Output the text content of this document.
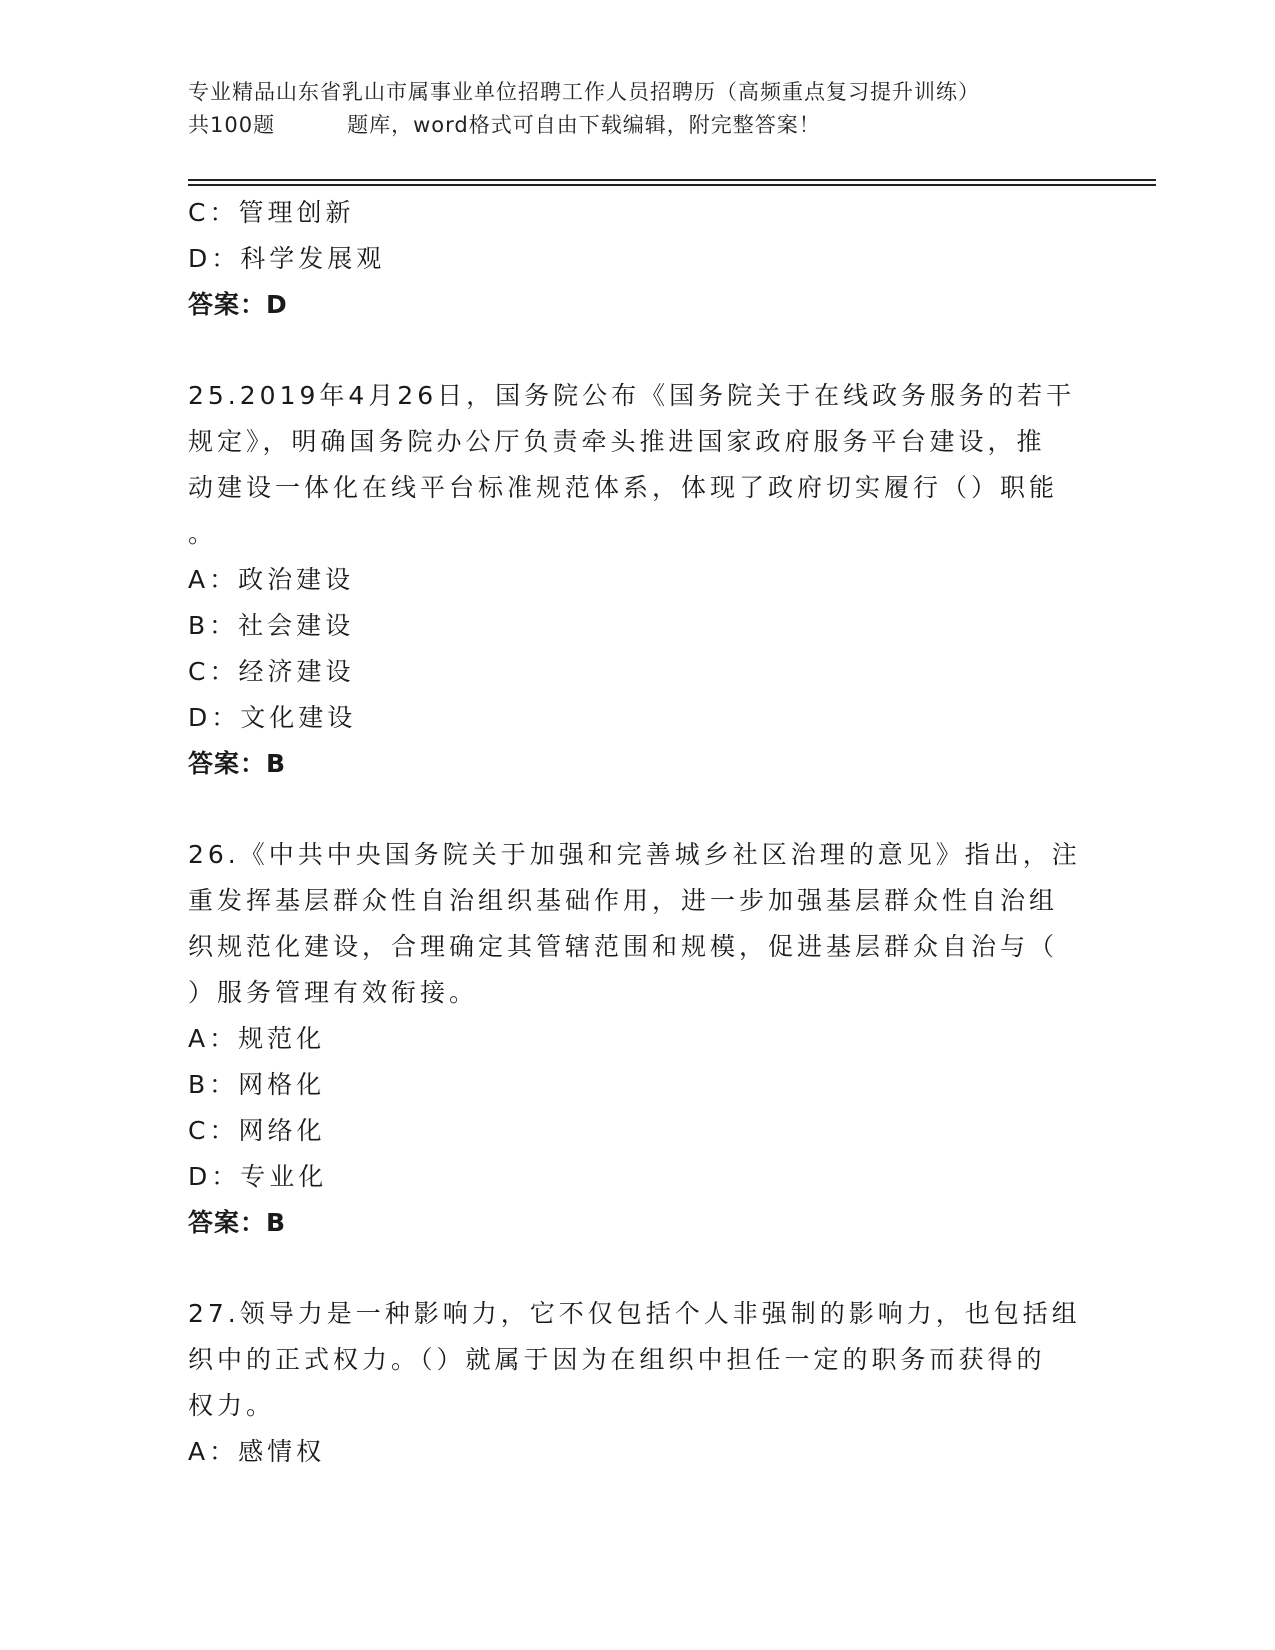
专业精品山东省乳山市属事业单位招聘工作人员招聘历（高频重点复习提升训练）
共100题	题库，word格式可自由下载编辑，附完整答案！
C：管理创新
D：科学发展观
答案：D
25.2019年4月26日，国务院公布《国务院关于在线政务服务的若干
规定》，明确国务院办公厅负责牵头推进国家政府服务平台建设，推
动建设一体化在线平台标准规范体系，体现了政府切实履行（）职能
。
A：政治建设
B：社会建设
C：经济建设
D：文化建设
答案：B
26.《中共中央国务院关于加强和完善城乡社区治理的意见》指出，注
重发挥基层群众性自治组织基础作用，进一步加强基层群众性自治组
织规范化建设，合理确定其管辖范围和规模，促进基层群众自治与（
）服务管理有效衔接。
A：规范化
B：网格化
C：网络化
D：专业化
答案：B
27.领导力是一种影响力，它不仅包括个人非强制的影响力，也包括组
织中的正式权力。（）就属于因为在组织中担任一定的职务而获得的
权力。
A：感情权
